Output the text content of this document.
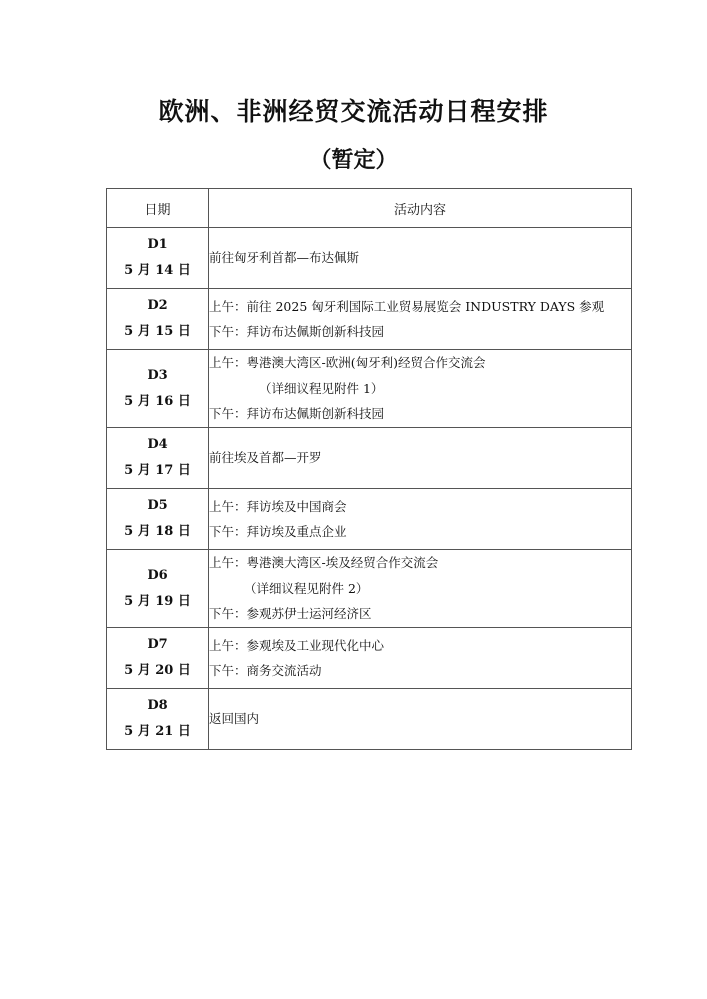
欧洲、非洲经贸交流活动日程安排
（暂定）
日期	活动内容

D1
5 月 14 日	前往匈牙利首都—布达佩斯

D2
5 月 15 日	上午：前往 2025 匈牙利国际工业贸易展览会 INDUSTRY DAYS 参观
下午：拜访布达佩斯创新科技园

D3
5 月 16 日	上午：粤港澳大湾区-欧洲(匈牙利)经贸合作交流会
（详细议程见附件 1）
下午：拜访布达佩斯创新科技园

D4
5 月 17 日	前往埃及首都—开罗

D5
5 月 18 日	上午：拜访埃及中国商会
下午：拜访埃及重点企业

D6
5 月 19 日	上午：粤港澳大湾区-埃及经贸合作交流会
（详细议程见附件 2）
下午：参观苏伊士运河经济区

D7
5 月 20 日	上午：参观埃及工业现代化中心
下午：商务交流活动

D8
5 月 21 日	返回国内
